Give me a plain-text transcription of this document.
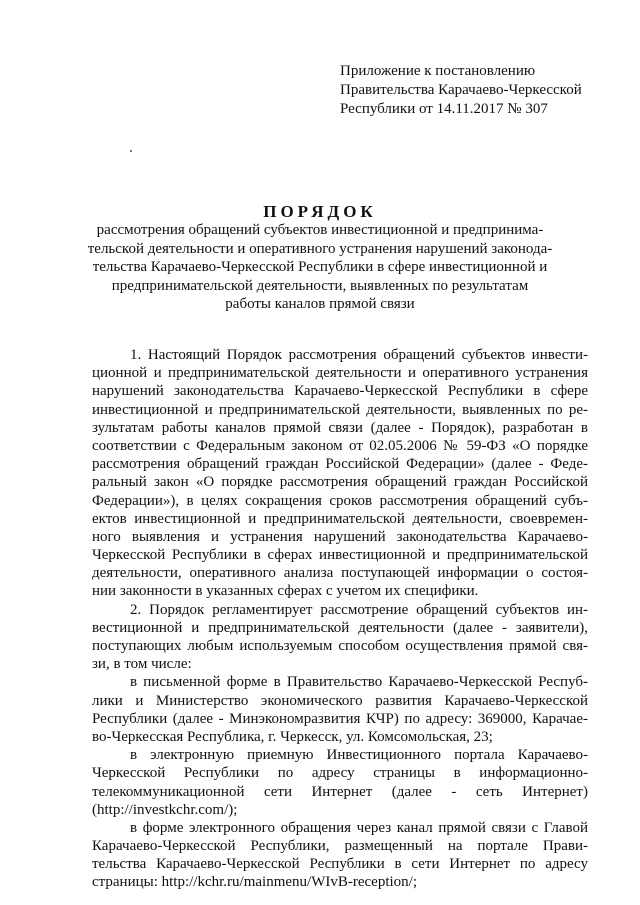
Приложение к постановлению
Правительства Карачаево-Черкесской
Республики от 14.11.2017 № 307
ПОРЯДОК
рассмотрения обращений субъектов инвестиционной и предпринима-
тельской деятельности и оперативного устранения нарушений законода-
тельства Карачаево-Черкесской Республики в сфере инвестиционной и
предпринимательской деятельности, выявленных по результатам
работы каналов прямой связи
1. Настоящий Порядок рассмотрения обращений субъектов инвести-
ционной и предпринимательской деятельности и оперативного устранения
нарушений законодательства Карачаево-Черкесской Республики в сфере
инвестиционной и предпринимательской деятельности, выявленных по ре-
зультатам работы каналов прямой связи (далее - Порядок), разработан в
соответствии с Федеральным законом от 02.05.2006 № 59-ФЗ «О порядке
рассмотрения обращений граждан Российской Федерации» (далее - Феде-
ральный закон «О порядке рассмотрения обращений граждан Российской
Федерации»), в целях сокращения сроков рассмотрения обращений субъ-
ектов инвестиционной и предпринимательской деятельности, своевремен-
ного выявления и устранения нарушений законодательства Карачаево-
Черкесской Республики в сферах инвестиционной и предпринимательской
деятельности, оперативного анализа поступающей информации о состоя-
нии законности в указанных сферах с учетом их специфики.
2. Порядок регламентирует рассмотрение обращений субъектов ин-
вестиционной и предпринимательской деятельности (далее - заявители),
поступающих любым используемым способом осуществления прямой свя-
зи, в том числе:
в письменной форме в Правительство Карачаево-Черкесской Респуб-
лики и Министерство экономического развития Карачаево-Черкесской
Республики (далее - Минэкономразвития КЧР) по адресу: 369000, Карачае-
во-Черкесская Республика, г. Черкесск, ул. Комсомольская, 23;
в электронную приемную Инвестиционного портала Карачаево-
Черкесской Республики по адресу страницы в информационно-
телекоммуникационной сети Интернет (далее - сеть Интернет)
(http://investkchr.com/);
в форме электронного обращения через канал прямой связи с Главой
Карачаево-Черкесской Республики, размещенный на портале Прави-
тельства Карачаево-Черкесской Республики в сети Интернет по адресу
страницы: http://kchr.ru/mainmenu/WIvB-reception/;
